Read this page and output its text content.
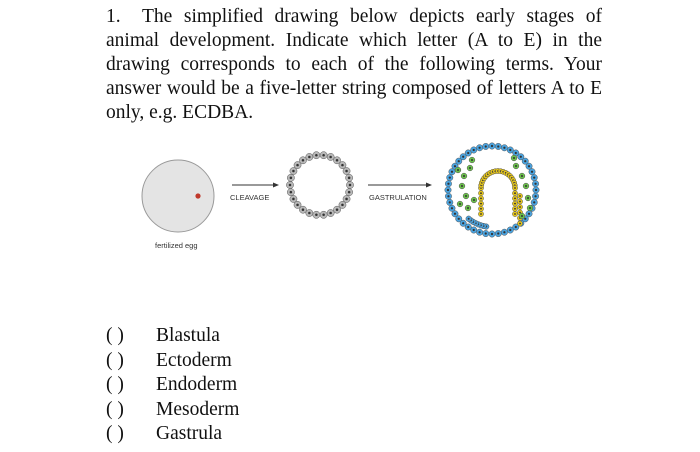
1. The simplified drawing below depicts early stages of animal development. Indicate which letter (A to E) in the drawing corresponds to each of the following terms. Your answer would be a five-letter string composed of letters A to E only, e.g. ECDBA.
fertilized egg
CLEAVAGE	GASTRULATION
( )	Blastula
( )	Ectoderm
( )	Endoderm
( )	Mesoderm
( )	Gastrula
